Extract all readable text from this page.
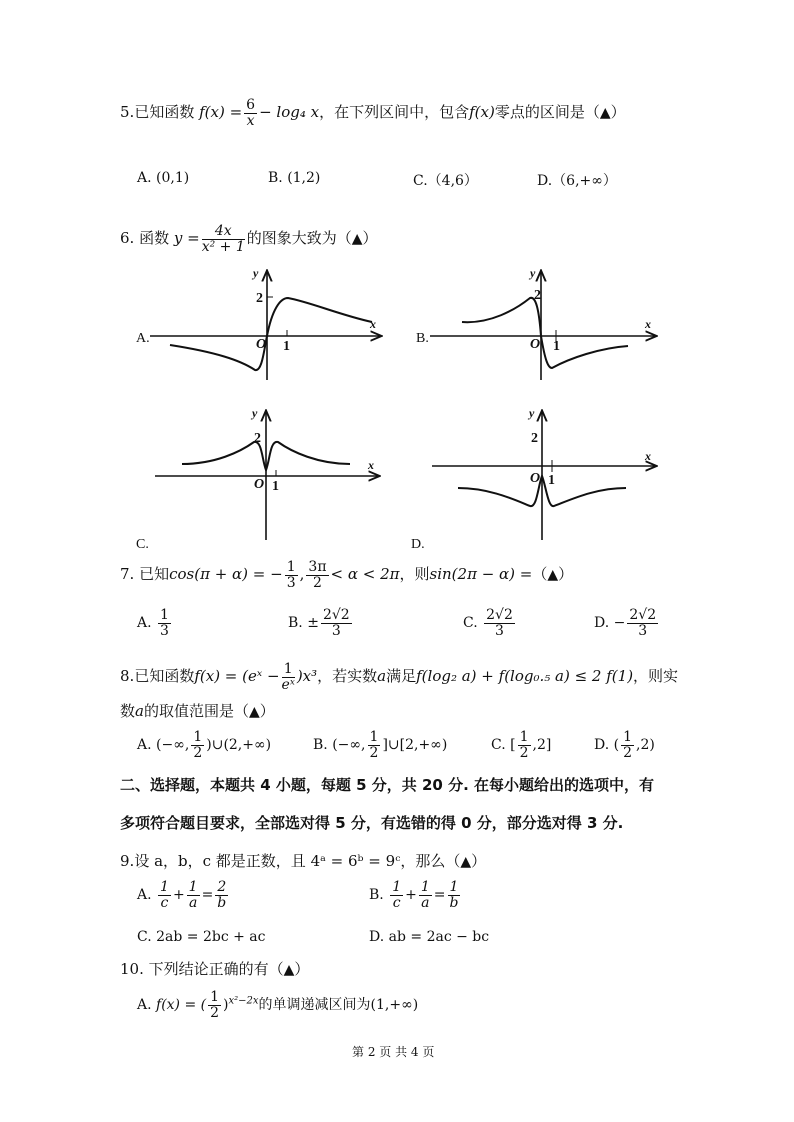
5.已知函数 $f(x) = \frac{6}{x} - \log_4$ x，在下列区间中，包含f(x)零点的区间是（▲）
A. (0,1)	B. (1,2)	C.（4,6）	D.（6,+∞）
6. 函数 $y = \frac{4x}{\text{x² + 1}}$ 的图象大致为（▲）
A.
y
x
2
O 1
B.
y
x
2
O 1
C.
y
x
2
O 1
D.
y
x
2
O 1
7. 已知cos(π + α) = − $\frac{1}{3}$ , $\frac{3\pi}{2} < \alpha < 2\pi$，则sin(2π − α) =（▲）
A. $\frac{1}{3}$	B. ± $\frac{2√2}{3}$	C. $\frac{2√2}{3}$	D. − $\frac{2√2}{3}$
8.已知函数f(x) = (eˣ − $\frac{1}{\text{eˣ}} )x^3$，若实数a满足f(log₂ a) + f(log₀.₅ a) ≤ 2 f(1)，则实
数a的取值范围是（▲）
A. (−∞, $\frac{1}{2}$ )∪(2,+∞)	B. (−∞, $\frac{1}{2}$ ]∪[2,+∞)	C. [ $\frac{1}{2} ,2$]	D. ( $\frac{1}{2} ,2$)
二、选择题，本题共 4 小题，每题 5 分，共 20 分. 在每小题给出的选项中，有
多项符合题目要求，全部选对得 5 分，有选错的得 0 分，部分选对得 3 分.
9.设 a，b，c 都是正数，且 4ᵃ = 6ᵇ = 9ᶜ，那么（▲）
A. $\frac{1}{c} + \frac{1}{a} = \frac{2}{b}$	B. $\frac{1}{c} + \frac{1}{a} = \frac{1}{b}$
C. 2ab = 2bc + ac	D. ab = 2ac − bc
10. 下列结论正确的有（▲）
A. f(x) = ( $\frac{1}{2} )^{x^2-2x}$的单调递减区间为(1,+∞)
第 2 页 共 4 页
